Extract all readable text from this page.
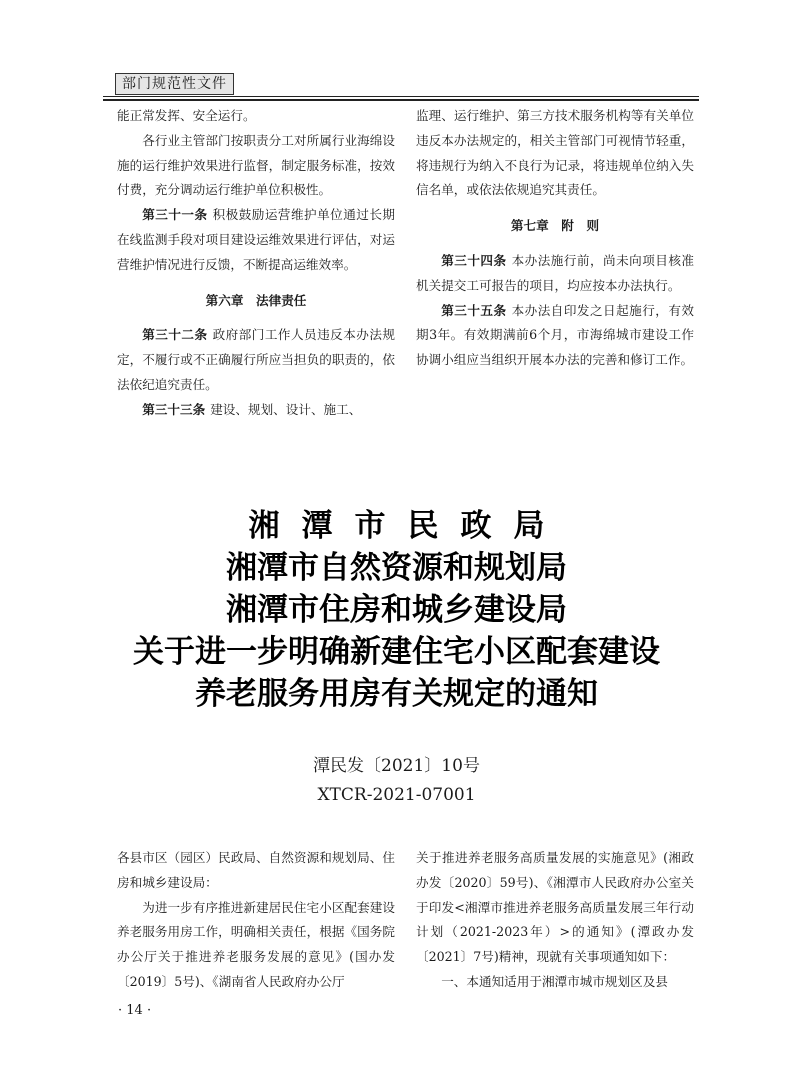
部门规范性文件

能正常发挥、安全运行。

各行业主管部门按职责分工对所属行业海绵设施的运行维护效果进行监督，制定服务标准，按效付费，充分调动运行维护单位积极性。

第三十一条 积极鼓励运营维护单位通过长期在线监测手段对项目建设运维效果进行评估，对运营维护情况进行反馈，不断提高运维效率。

第六章　法律责任

第三十二条 政府部门工作人员违反本办法规定，不履行或不正确履行所应当担负的职责的，依法依纪追究责任。

第三十三条 建设、规划、设计、施工、

监理、运行维护、第三方技术服务机构等有关单位违反本办法规定的，相关主管部门可视情节轻重，将违规行为纳入不良行为记录，将违规单位纳入失信名单，或依法依规追究其责任。

第七章　附　则

第三十四条 本办法施行前，尚未向项目核准机关提交工可报告的项目，均应按本办法执行。

第三十五条 本办法自印发之日起施行，有效期3年。有效期满前6个月，市海绵城市建设工作协调小组应当组织开展本办法的完善和修订工作。

湘潭市民政局
湘潭市自然资源和规划局
湘潭市住房和城乡建设局
关于进一步明确新建住宅小区配套建设
养老服务用房有关规定的通知
潭民发〔2021〕10号
XTCR-2021-07001

各县市区（园区）民政局、自然资源和规划局、住房和城乡建设局：

为进一步有序推进新建居民住宅小区配套建设养老服务用房工作，明确相关责任，根据《国务院办公厅关于推进养老服务发展的意见》(国办发〔2019〕5号)、《湖南省人民政府办公厅

关于推进养老服务高质量发展的实施意见》(湘政办发〔2020〕59号)、《湘潭市人民政府办公室关于印发<湘潭市推进养老服务高质量发展三年行动计划（2021-2023年）>的通知》(潭政办发〔2021〕7号)精神，现就有关事项通知如下：

一、本通知适用于湘潭市城市规划区及县

· 14 ·
